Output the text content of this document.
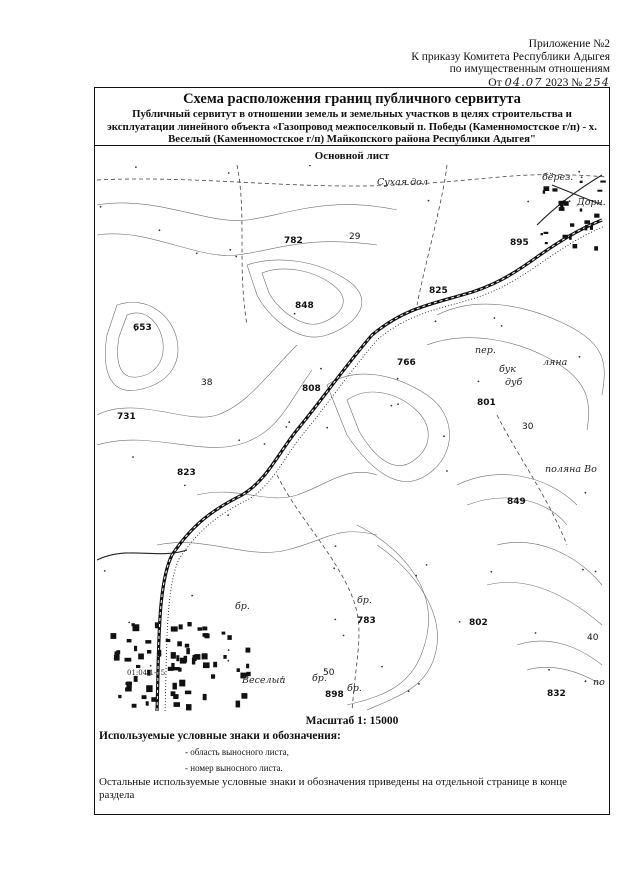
Приложение №2
К приказу Комитета Республики Адыгея
по имущественным отношениям
От 04.07 2023 № 254
Схема расположения границ публичного сервитута
Публичный сервитут в отношении земель и земельных участков в целях строительства и эксплуатации линейного объекта «Газопровод межпоселковый п. Победы (Каменномостское г/п) - х. Веселый (Каменномостское г/п) Майкопского района Республики Адыгея"
Основной лист
782
848
653
731
823
808
766
801
849
802
783
832
825
895
898
29
38
30
40
50
Веселый
бук
дуб
бр.
бр.
бр.
бр.
поляна Во
ляна
по
Сухая дол	бёрез.
Дорн.
пер.
01:04:1-15
Масштаб 1: 15000
Используемые условные знаки и обозначения:
- область выносного листа,
- номер выносного листа.
Остальные используемые условные знаки и обозначения приведены на отдельной странице в конце раздела
